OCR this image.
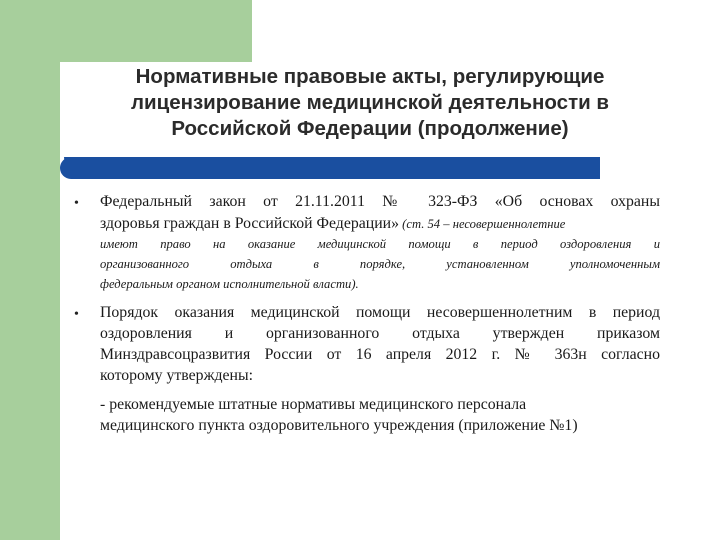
Нормативные правовые акты, регулирующие
лицензирование медицинской деятельности в
Российской Федерации (продолжение)
• Федеральный закон от 21.11.2011 № 323-ФЗ «Об основах охраны
здоровья граждан в Российской Федерации» (ст. 54 – несовершеннолетние
имеют право на оказание медицинской помощи в период оздоровления и
организованного отдыха в порядке, установленном уполномоченным
федеральным органом исполнительной власти).
• Порядок оказания медицинской помощи несовершеннолетним в период
оздоровления и организованного отдыха утвержден приказом
Минздравсоцразвития России от 16 апреля 2012 г. № 363н согласно
которому утверждены:
- рекомендуемые штатные нормативы медицинского персонала
медицинского пункта оздоровительного учреждения (приложение №1)
